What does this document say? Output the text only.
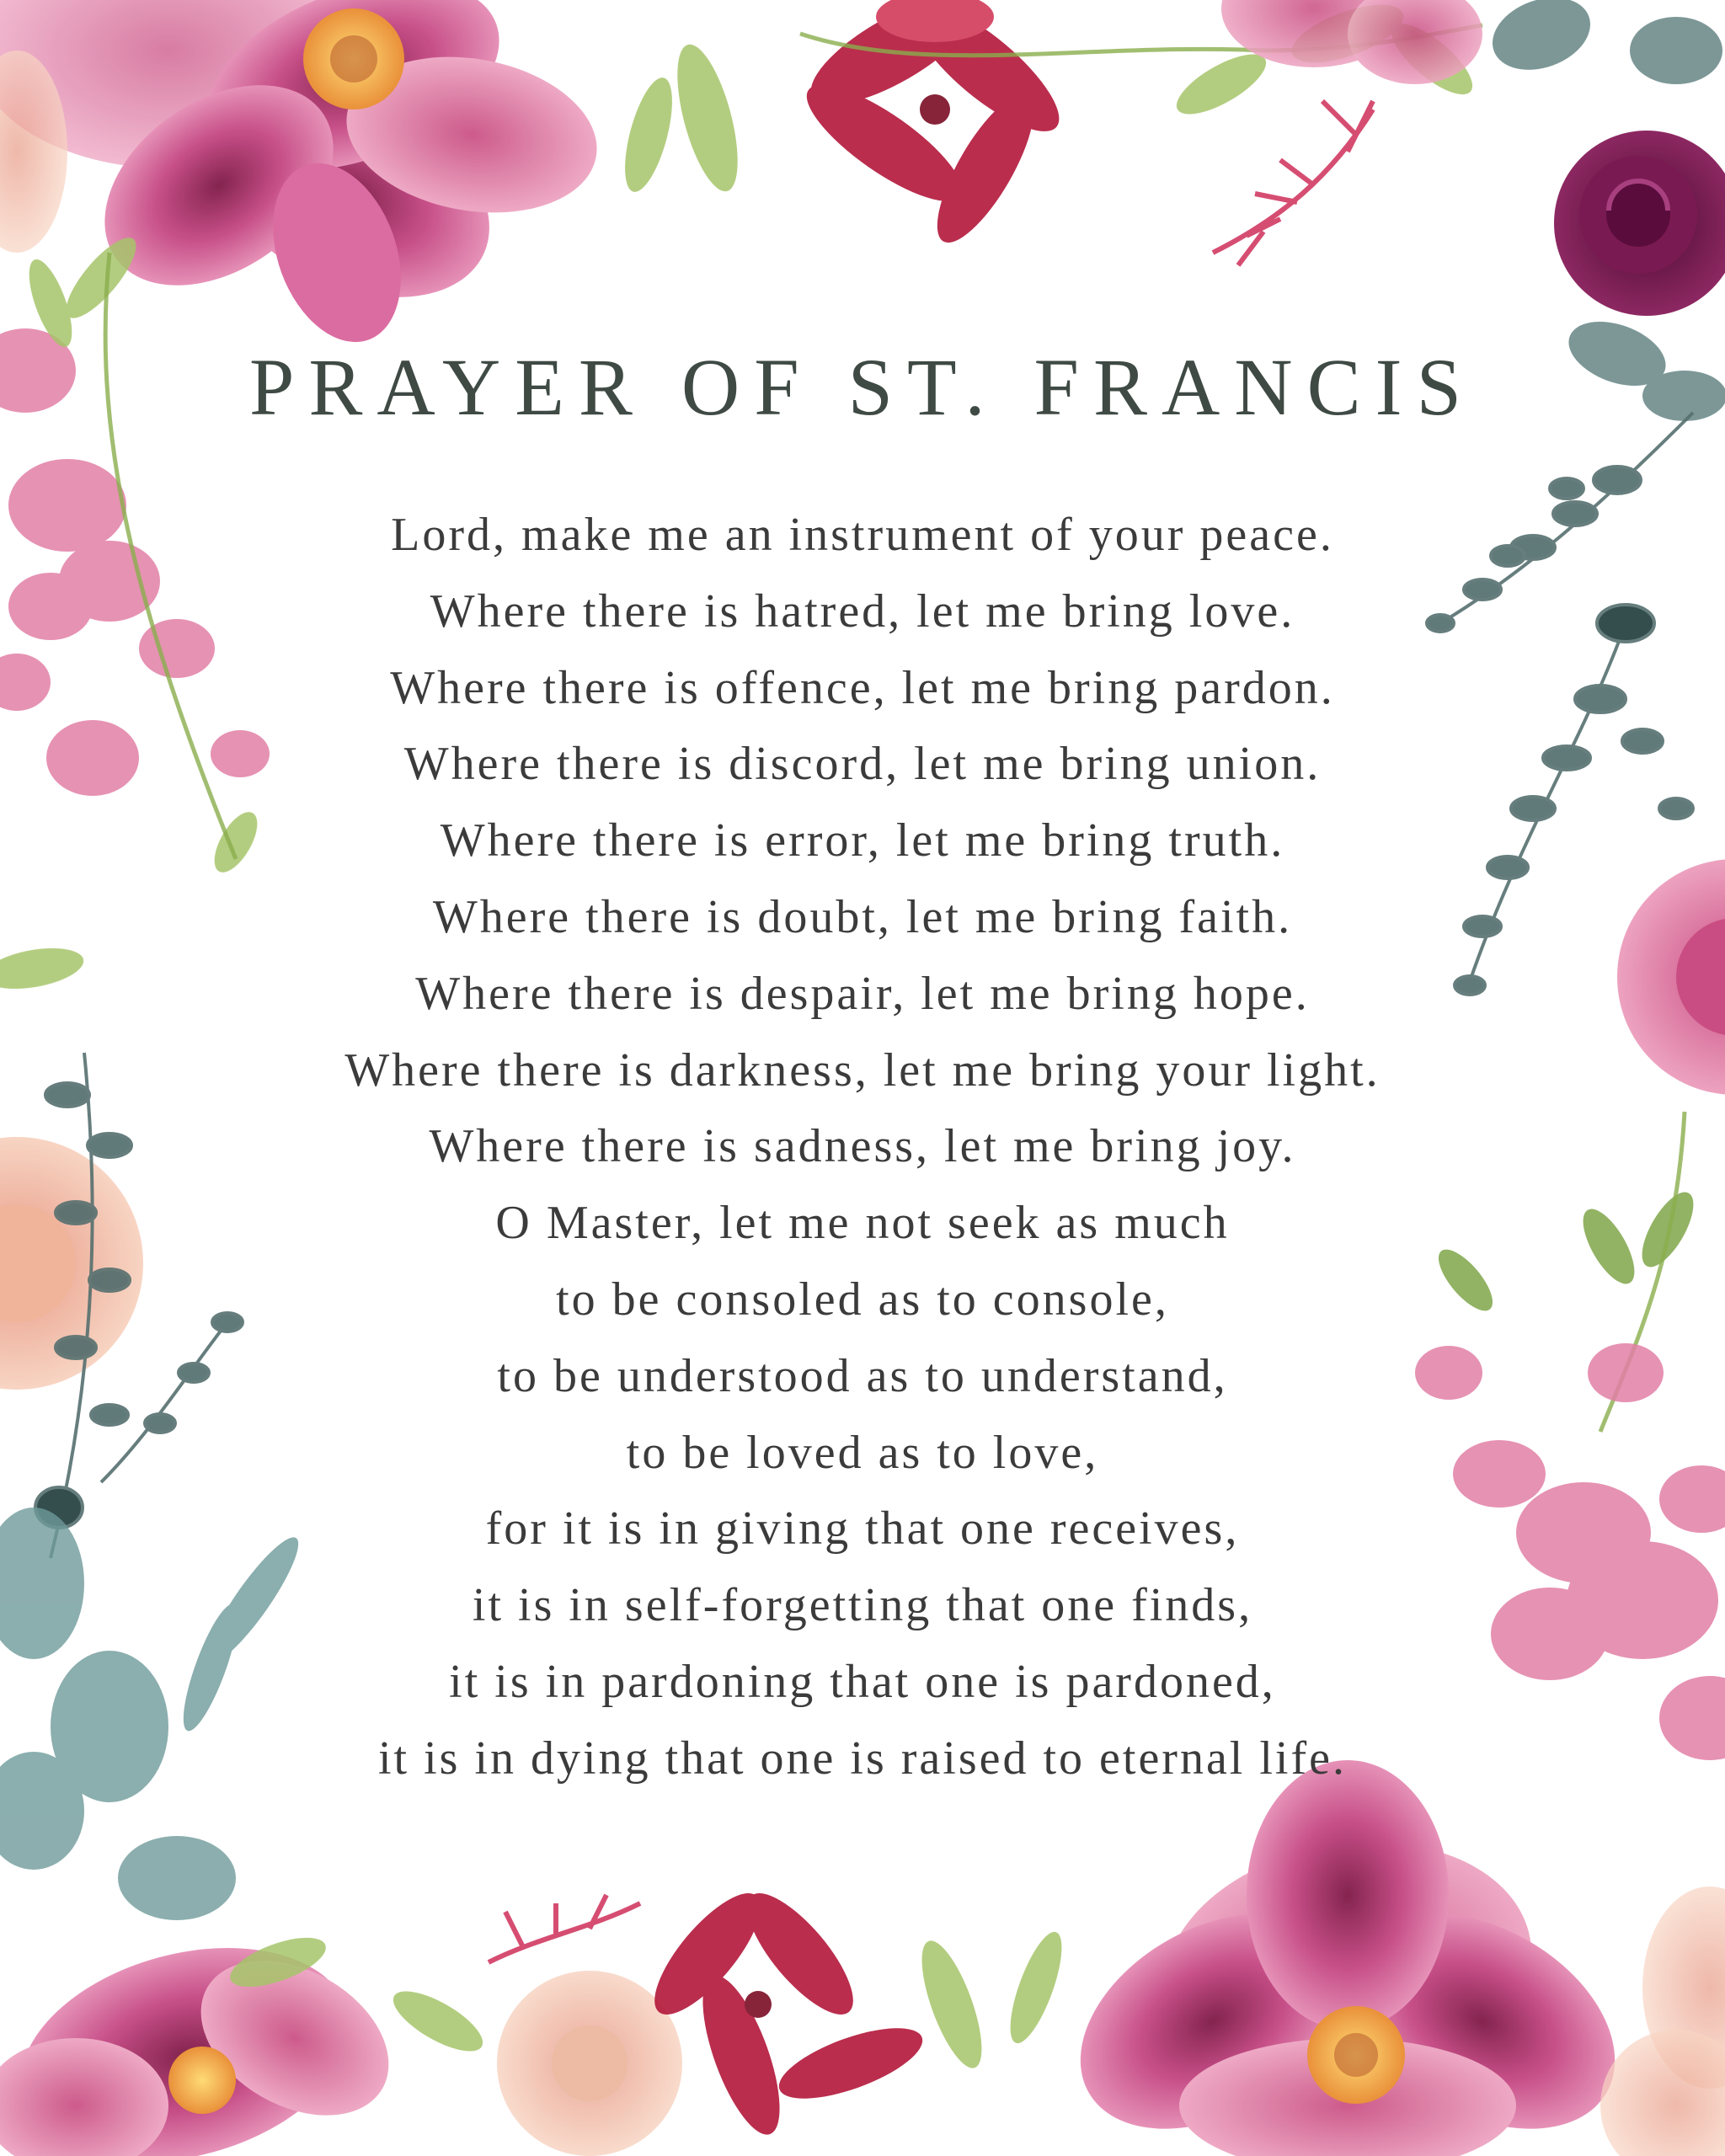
PRAYER OF ST. FRANCIS
Lord, make me an instrument of your peace.
Where there is hatred, let me bring love.
Where there is offence, let me bring pardon.
Where there is discord, let me bring union.
Where there is error, let me bring truth.
Where there is doubt, let me bring faith.
Where there is despair, let me bring hope.
Where there is darkness, let me bring your light.
Where there is sadness, let me bring joy.
O Master, let me not seek as much
to be consoled as to console,
to be understood as to understand,
to be loved as to love,
for it is in giving that one receives,
it is in self-forgetting that one finds,
it is in pardoning that one is pardoned,
it is in dying that one is raised to eternal life.
